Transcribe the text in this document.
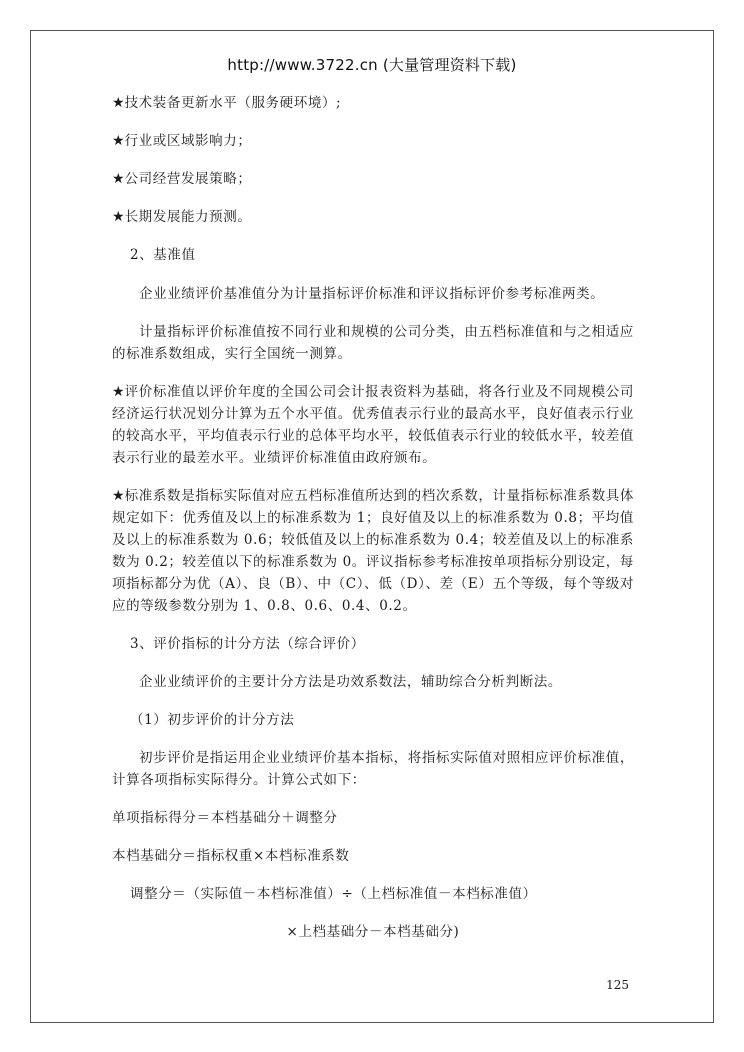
http://www.3722.cn (大量管理资料下载)

★技术装备更新水平（服务硬环境）;

★行业或区域影响力；

★公司经营发展策略；

★长期发展能力预测。

2、基准值

企业业绩评价基准值分为计量指标评价标准和评议指标评价参考标准两类。

计量指标评价标准值按不同行业和规模的公司分类，由五档标准值和与之相适应的标准系数组成，实行全国统一测算。

★评价标准值以评价年度的全国公司会计报表资料为基础，将各行业及不同规模公司经济运行状况划分计算为五个水平值。优秀值表示行业的最高水平，良好值表示行业的较高水平，平均值表示行业的总体平均水平，较低值表示行业的较低水平，较差值表示行业的最差水平。业绩评价标准值由政府颁布。

★标准系数是指标实际值对应五档标准值所达到的档次系数，计量指标标准系数具体规定如下：优秀值及以上的标准系数为 1；良好值及以上的标准系数为 0.8；平均值及以上的标准系数为 0.6；较低值及以上的标准系数为 0.4；较差值及以上的标准系数为 0.2；较差值以下的标准系数为 0。评议指标参考标准按单项指标分别设定，每项指标都分为优（A）、良（B）、中（C）、低（D）、差（E）五个等级，每个等级对应的等级参数分别为 1、0.8、0.6、0.4、0.2。

3、评价指标的计分方法（综合评价）

企业业绩评价的主要计分方法是功效系数法，辅助综合分析判断法。

（1）初步评价的计分方法

初步评价是指运用企业业绩评价基本指标，将指标实际值对照相应评价标准值，计算各项指标实际得分。计算公式如下：

单项指标得分＝本档基础分＋调整分

本档基础分＝指标权重×本档标准系数

调整分＝（实际值－本档标准值）÷（上档标准值－本档标准值）

×上档基础分－本档基础分)

125
